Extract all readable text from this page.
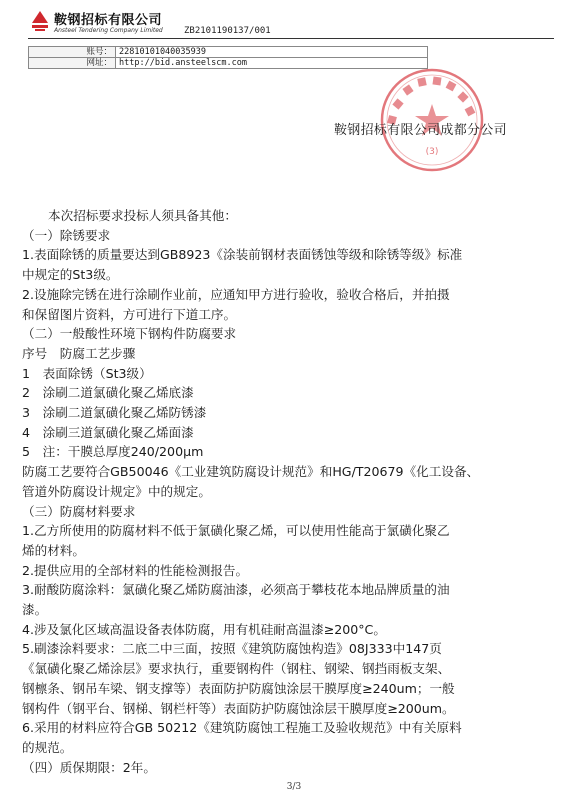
鞍钢招标有限公司
Ansteel Tendering Company Limited ZB2101190137/001
账号：	22810101040035939
网址：	http://bid.ansteelscm.com
(3)
鞍钢招标有限公司成都分公司

本次招标要求投标人须具备其他：

（一）除锈要求

1.表面除锈的质量要达到GB8923《涂装前钢材表面锈蚀等级和除锈等级》标准

中规定的St3级。

2.设施除完锈在进行涂刷作业前，应通知甲方进行验收，验收合格后，并拍摄

和保留图片资料，方可进行下道工序。

（二）一般酸性环境下钢构件防腐要求

序号　防腐工艺步骤

1　表面除锈（St3级）

2　涂刷二道氯磺化聚乙烯底漆

3　涂刷二道氯磺化聚乙烯防锈漆

4　涂刷三道氯磺化聚乙烯面漆

5　注：干膜总厚度240/200μm

防腐工艺要符合GB50046《工业建筑防腐设计规范》和HG/T20679《化工设备、

管道外防腐设计规定》中的规定。

（三）防腐材料要求

1.乙方所使用的防腐材料不低于氯磺化聚乙烯，可以使用性能高于氯磺化聚乙

烯的材料。

2.提供应用的全部材料的性能检测报告。

3.耐酸防腐涂料：氯磺化聚乙烯防腐油漆，必须高于攀枝花本地品牌质量的油

漆。

4.涉及氯化区域高温设备表体防腐，用有机硅耐高温漆≥200°C。

5.刷漆涂料要求：二底二中三面，按照《建筑防腐蚀构造》08J333中147页

《氯磺化聚乙烯涂层》要求执行，重要钢构件（钢柱、钢梁、钢挡雨板支架、

钢檩条、钢吊车梁、钢支撑等）表面防护防腐蚀涂层干膜厚度≥240um；一般

钢构件（钢平台、钢梯、钢栏杆等）表面防护防腐蚀涂层干膜厚度≥200um。

6.采用的材料应符合GB 50212《建筑防腐蚀工程施工及验收规范》中有关原料

的规范。

（四）质保期限：2年。

3/3
